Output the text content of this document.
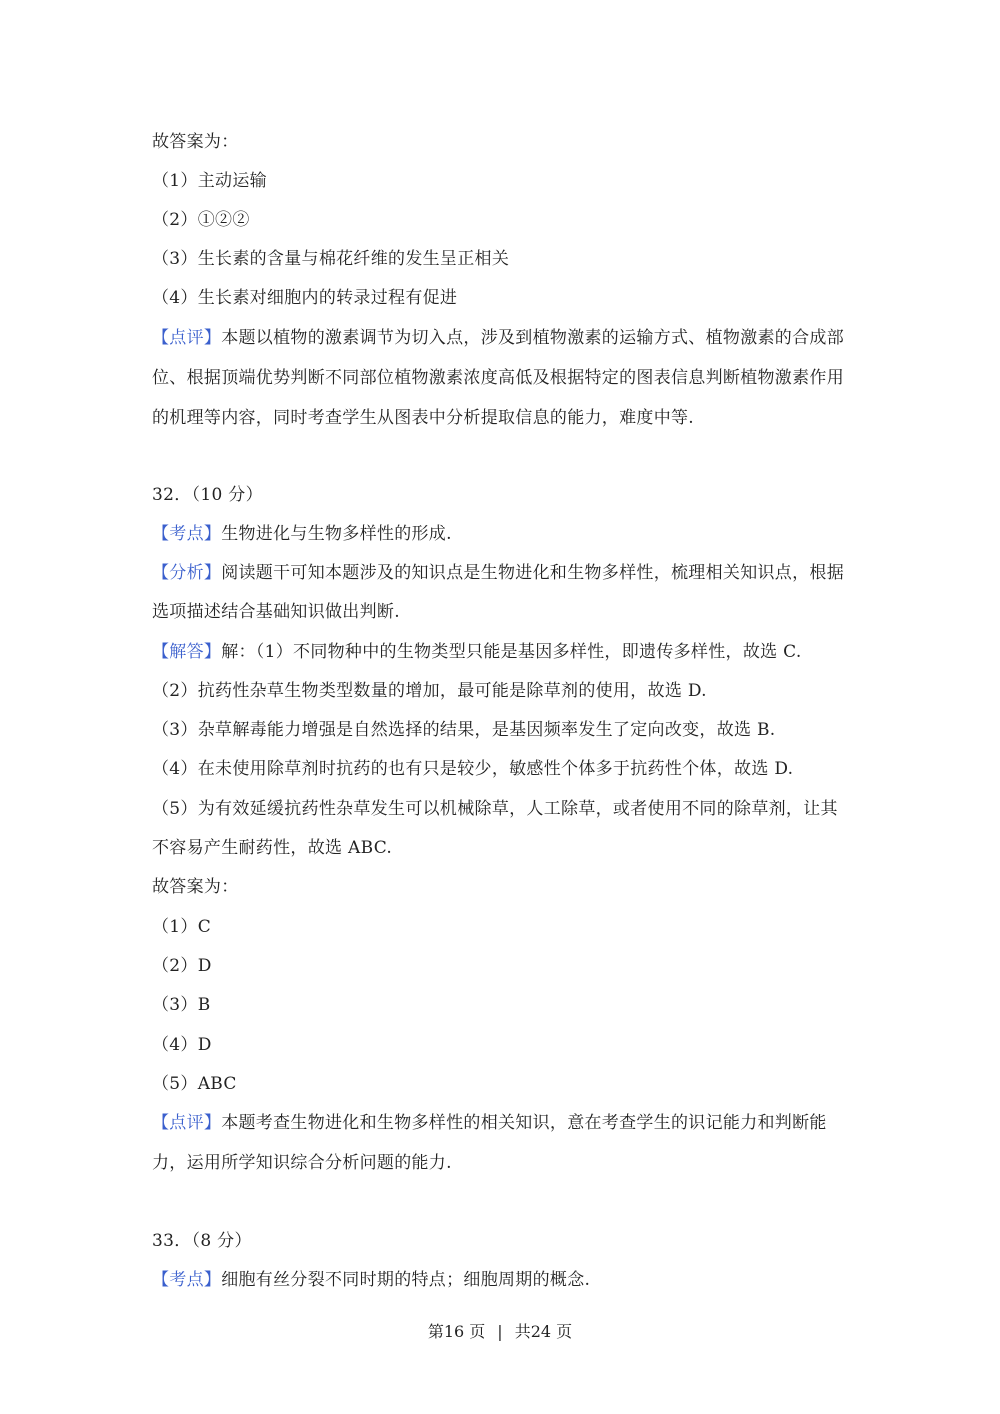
故答案为：
（1）主动运输
（2）①②②
（3）生长素的含量与棉花纤维的发生呈正相关
（4）生长素对细胞内的转录过程有促进
【点评】本题以植物的激素调节为切入点，涉及到植物激素的运输方式、植物激素的合成部
位、根据顶端优势判断不同部位植物激素浓度高低及根据特定的图表信息判断植物激素作用
的机理等内容，同时考查学生从图表中分析提取信息的能力，难度中等.
32．（10 分）
【考点】生物进化与生物多样性的形成.
【分析】阅读题干可知本题涉及的知识点是生物进化和生物多样性，梳理相关知识点，根据
选项描述结合基础知识做出判断.
【解答】解：（1）不同物种中的生物类型只能是基因多样性，即遗传多样性，故选 C.
（2）抗药性杂草生物类型数量的增加，最可能是除草剂的使用，故选 D.
（3）杂草解毒能力增强是自然选择的结果，是基因频率发生了定向改变，故选 B.
（4）在未使用除草剂时抗药的也有只是较少，敏感性个体多于抗药性个体，故选 D.
（5）为有效延缓抗药性杂草发生可以机械除草，人工除草，或者使用不同的除草剂，让其
不容易产生耐药性，故选 ABC.
故答案为：
（1）C
（2）D
（3）B
（4）D
（5）ABC
【点评】本题考查生物进化和生物多样性的相关知识，意在考查学生的识记能力和判断能
力，运用所学知识综合分析问题的能力.
33．（8 分）
【考点】细胞有丝分裂不同时期的特点；细胞周期的概念.
第16 页 | 共24 页
